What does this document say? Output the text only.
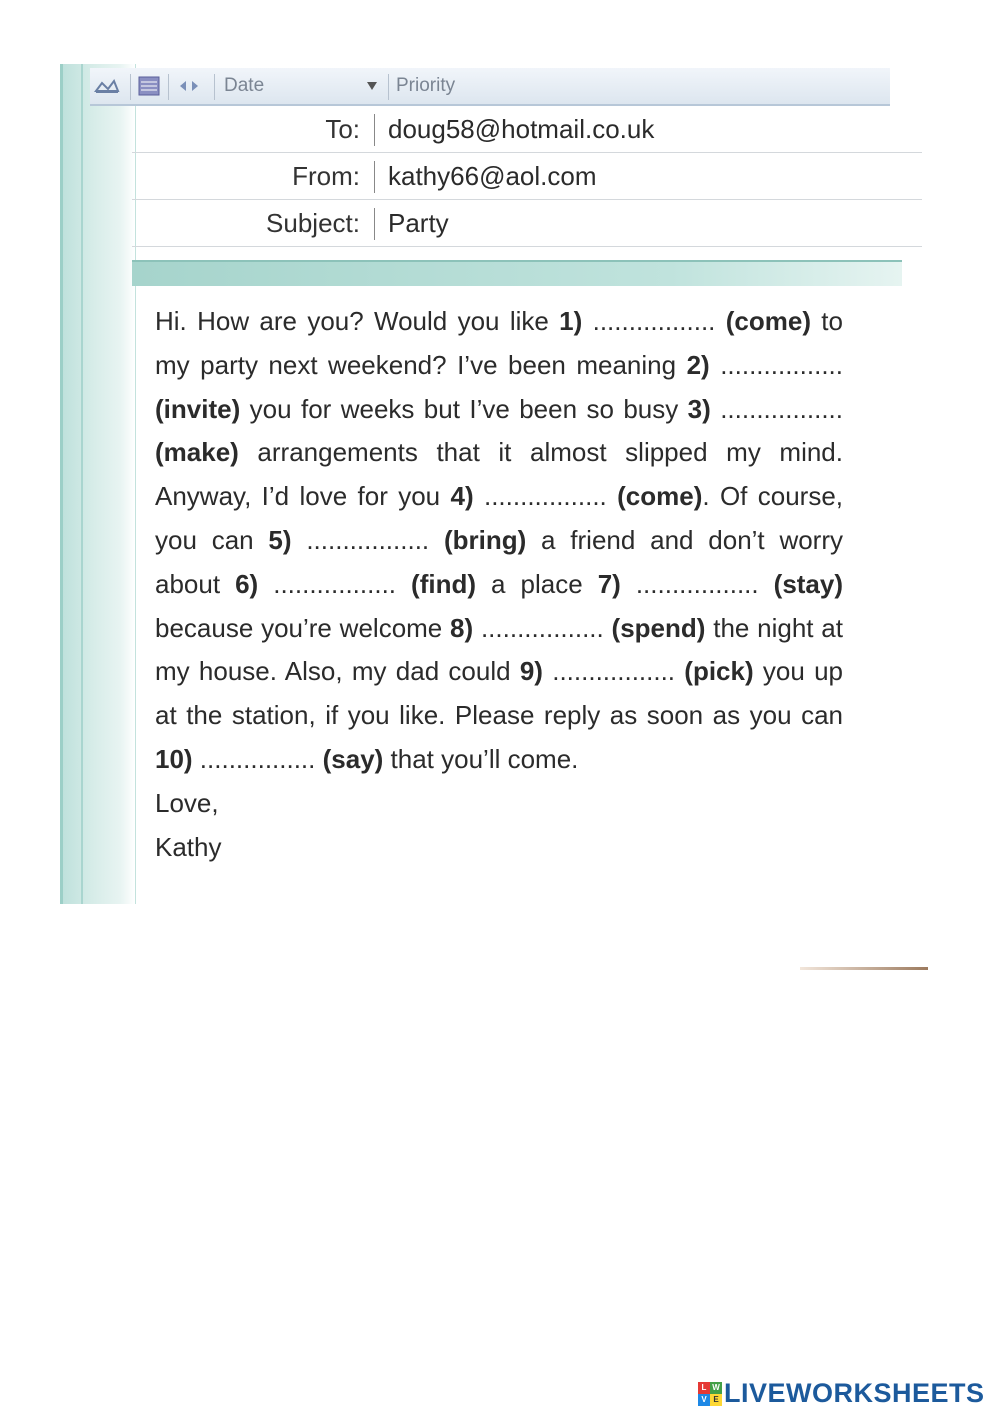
Date	Priority
To: doug58@hotmail.co.uk
From: kathy66@aol.com
Subject: Party
Hi. How are you? Would you like 1) ................. (come) to my party next weekend? I’ve been meaning 2) ................. (invite) you for weeks but I’ve been so busy 3) ................. (make) arrangements that it almost slipped my mind. Anyway, I’d love for you 4) ................. (come). Of course, you can 5) ................. (bring) a friend and don’t worry about 6) ................. (find) a place 7) ................. (stay) because you’re welcome 8) ................. (spend) the night at my house. Also, my dad could 9) ................. (pick) you up at the station, if you like. Please reply as soon as you can 10) ................ (say) that you’ll come.
Love,
Kathy
L W
V E LIVEWORKSHEETS
